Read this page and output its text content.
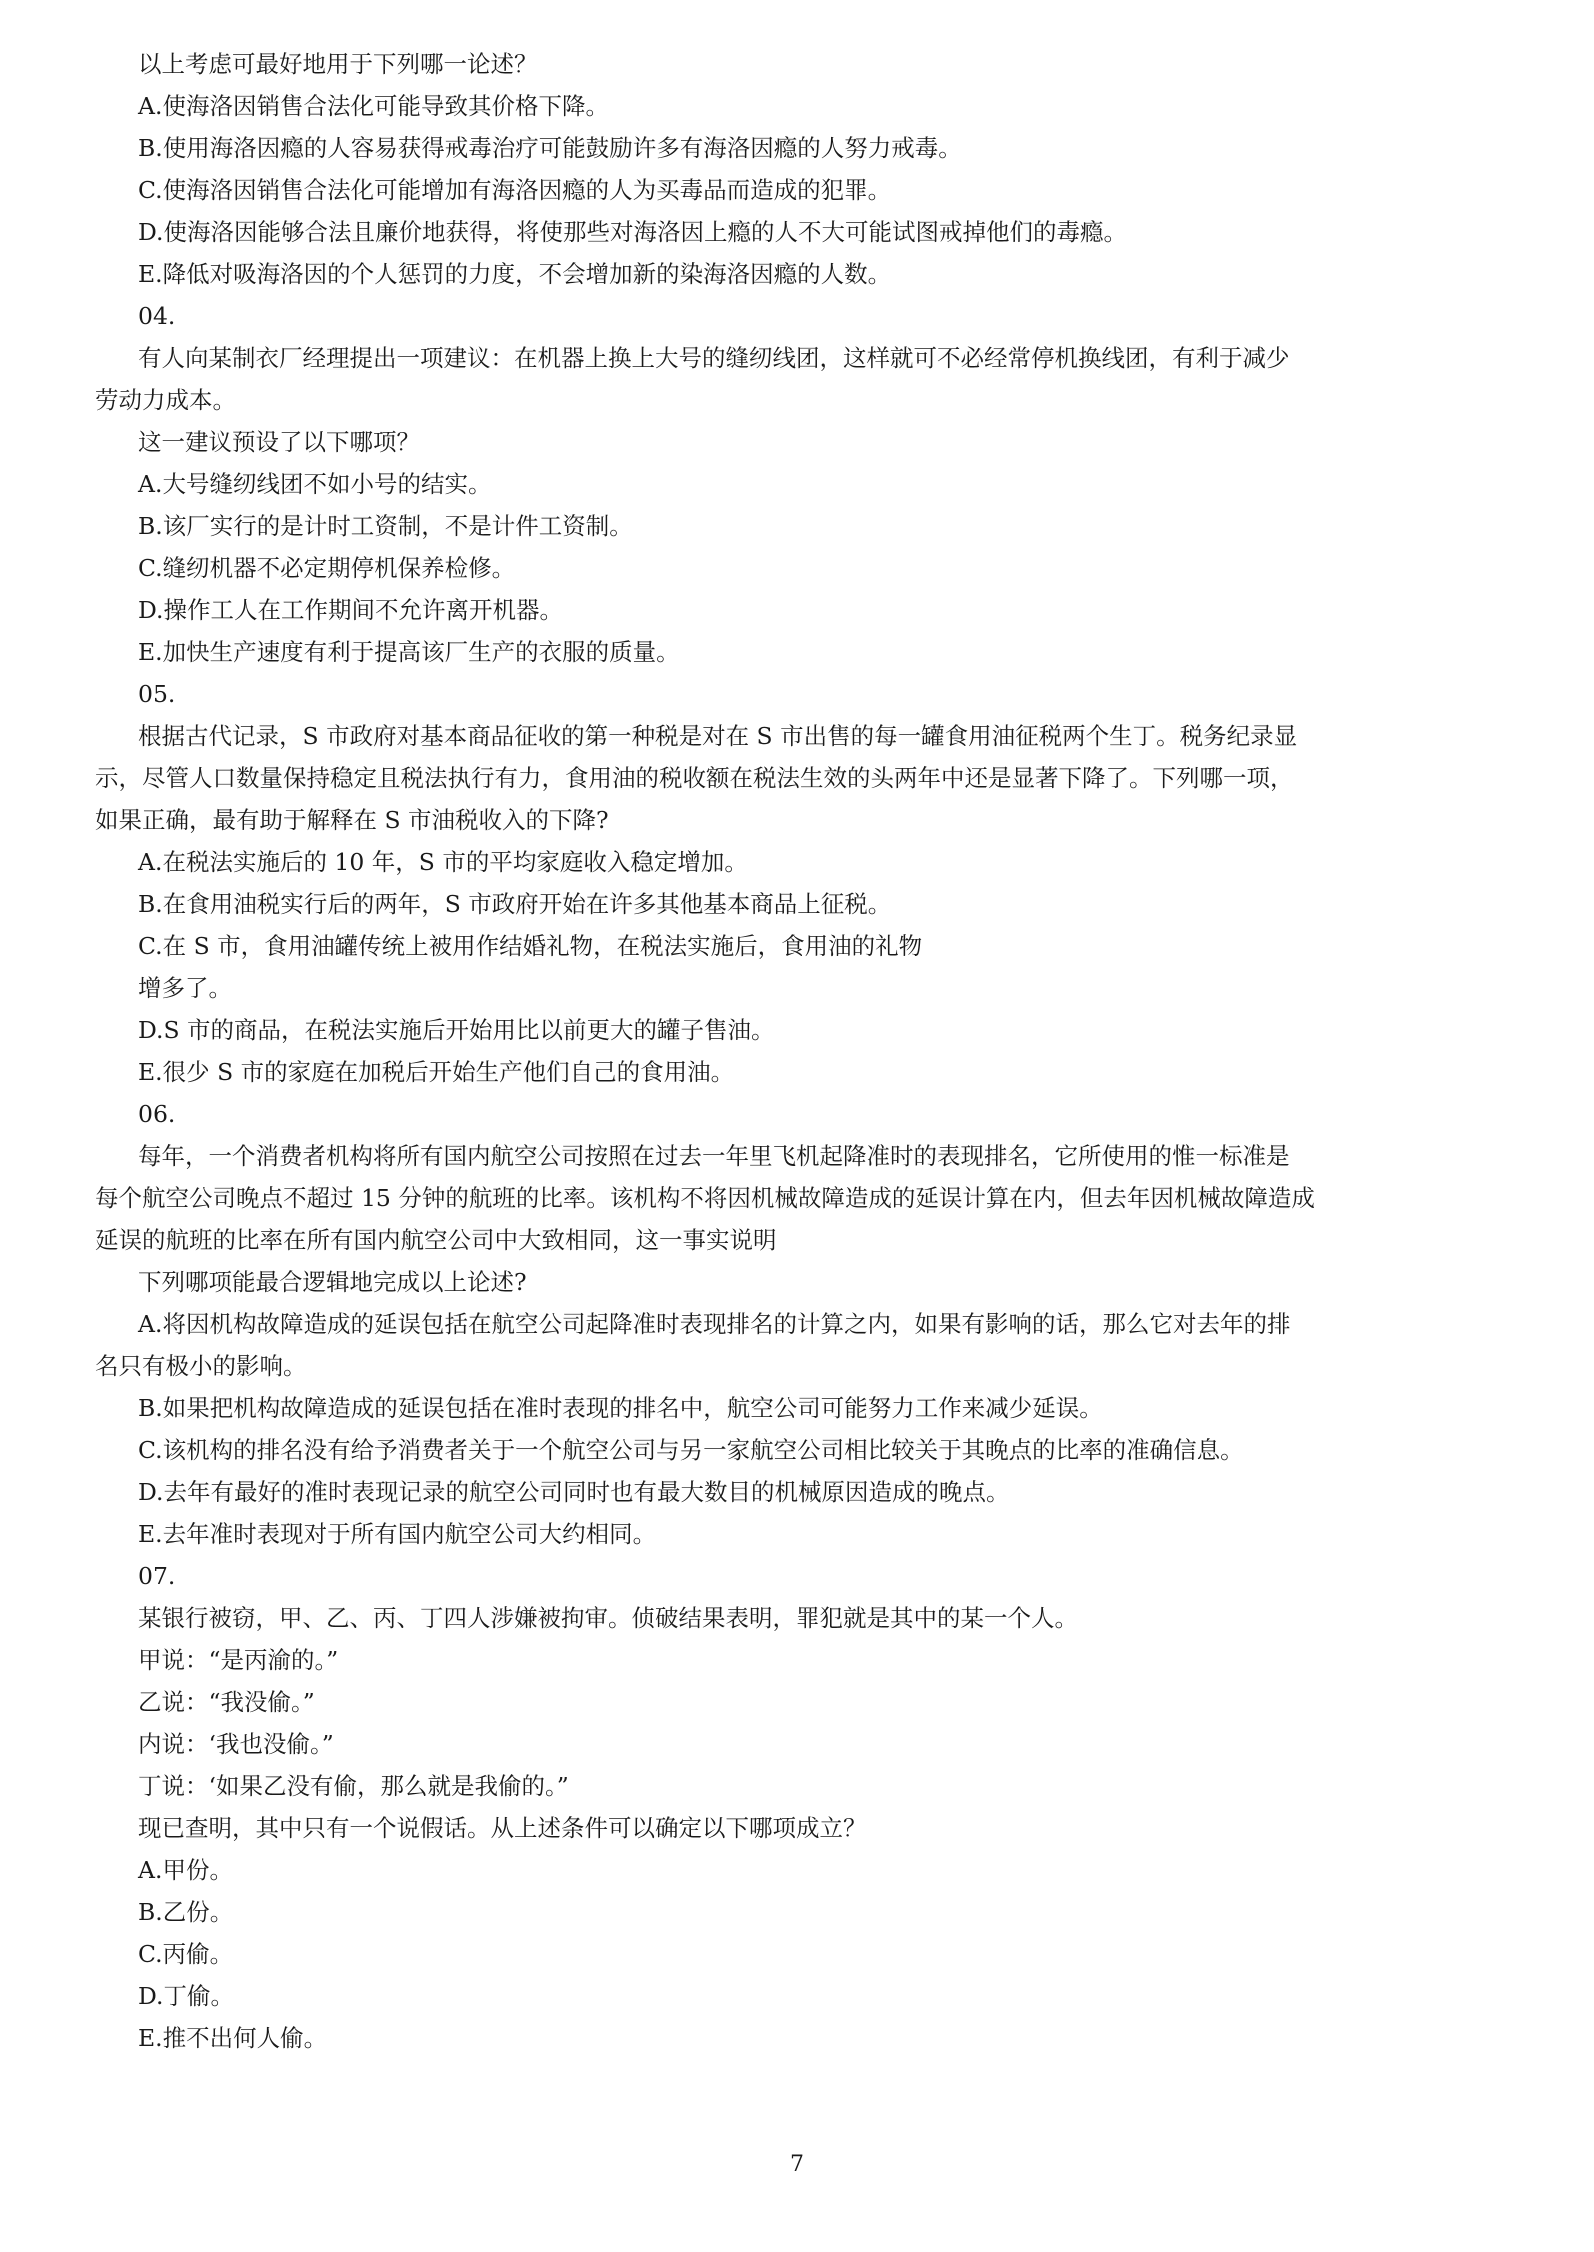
以上考虑可最好地用于下列哪一论述？
A.使海洛因销售合法化可能导致其价格下降。
B.使用海洛因瘾的人容易获得戒毒治疗可能鼓励许多有海洛因瘾的人努力戒毒。
C.使海洛因销售合法化可能增加有海洛因瘾的人为买毒品而造成的犯罪。
D.使海洛因能够合法且廉价地获得，将使那些对海洛因上瘾的人不大可能试图戒掉他们的毒瘾。
E.降低对吸海洛因的个人惩罚的力度，不会增加新的染海洛因瘾的人数。
04.
有人向某制衣厂经理提出一项建议：在机器上换上大号的缝纫线团，这样就可不必经常停机换线团，有利于减少
劳动力成本。
这一建议预设了以下哪项？
A.大号缝纫线团不如小号的结实。
B.该厂实行的是计时工资制，不是计件工资制。
C.缝纫机器不必定期停机保养检修。
D.操作工人在工作期间不允许离开机器。
E.加快生产速度有利于提高该厂生产的衣服的质量。
05.
根据古代记录，S 市政府对基本商品征收的第一种税是对在 S 市出售的每一罐食用油征税两个生丁。税务纪录显
示，尽管人口数量保持稳定且税法执行有力，食用油的税收额在税法生效的头两年中还是显著下降了。下列哪一项，
如果正确，最有助于解释在 S 市油税收入的下降?
A.在税法实施后的 10 年，S 市的平均家庭收入稳定增加。
B.在食用油税实行后的两年，S 市政府开始在许多其他基本商品上征税。
C.在 S 市，食用油罐传统上被用作结婚礼物，在税法实施后，食用油的礼物
增多了。
D.S 市的商品，在税法实施后开始用比以前更大的罐子售油。
E.很少 S 市的家庭在加税后开始生产他们自己的食用油。
06.
每年，一个消费者机构将所有国内航空公司按照在过去一年里飞机起降准时的表现排名，它所使用的惟一标准是
每个航空公司晚点不超过 15 分钟的航班的比率。该机构不将因机械故障造成的延误计算在内，但去年因机械故障造成
延误的航班的比率在所有国内航空公司中大致相同，这一事实说明
下列哪项能最合逻辑地完成以上论述?
A.将因机构故障造成的延误包括在航空公司起降准时表现排名的计算之内，如果有影响的话，那么它对去年的排
名只有极小的影响。
B.如果把机构故障造成的延误包括在准时表现的排名中，航空公司可能努力工作来减少延误。
C.该机构的排名没有给予消费者关于一个航空公司与另一家航空公司相比较关于其晚点的比率的准确信息。
D.去年有最好的准时表现记录的航空公司同时也有最大数目的机械原因造成的晚点。
E.去年准时表现对于所有国内航空公司大约相同。
07.
某银行被窃，甲、乙、丙、丁四人涉嫌被拘审。侦破结果表明，罪犯就是其中的某一个人。
甲说：“是丙渝的。”
乙说：“我没偷。”
内说：‘我也没偷。”
丁说：‘如果乙没有偷，那么就是我偷的。”
现已查明，其中只有一个说假话。从上述条件可以确定以下哪项成立？
A.甲份。
B.乙份。
C.丙偷。
D.丁偷。
E.推不出何人偷。
7
